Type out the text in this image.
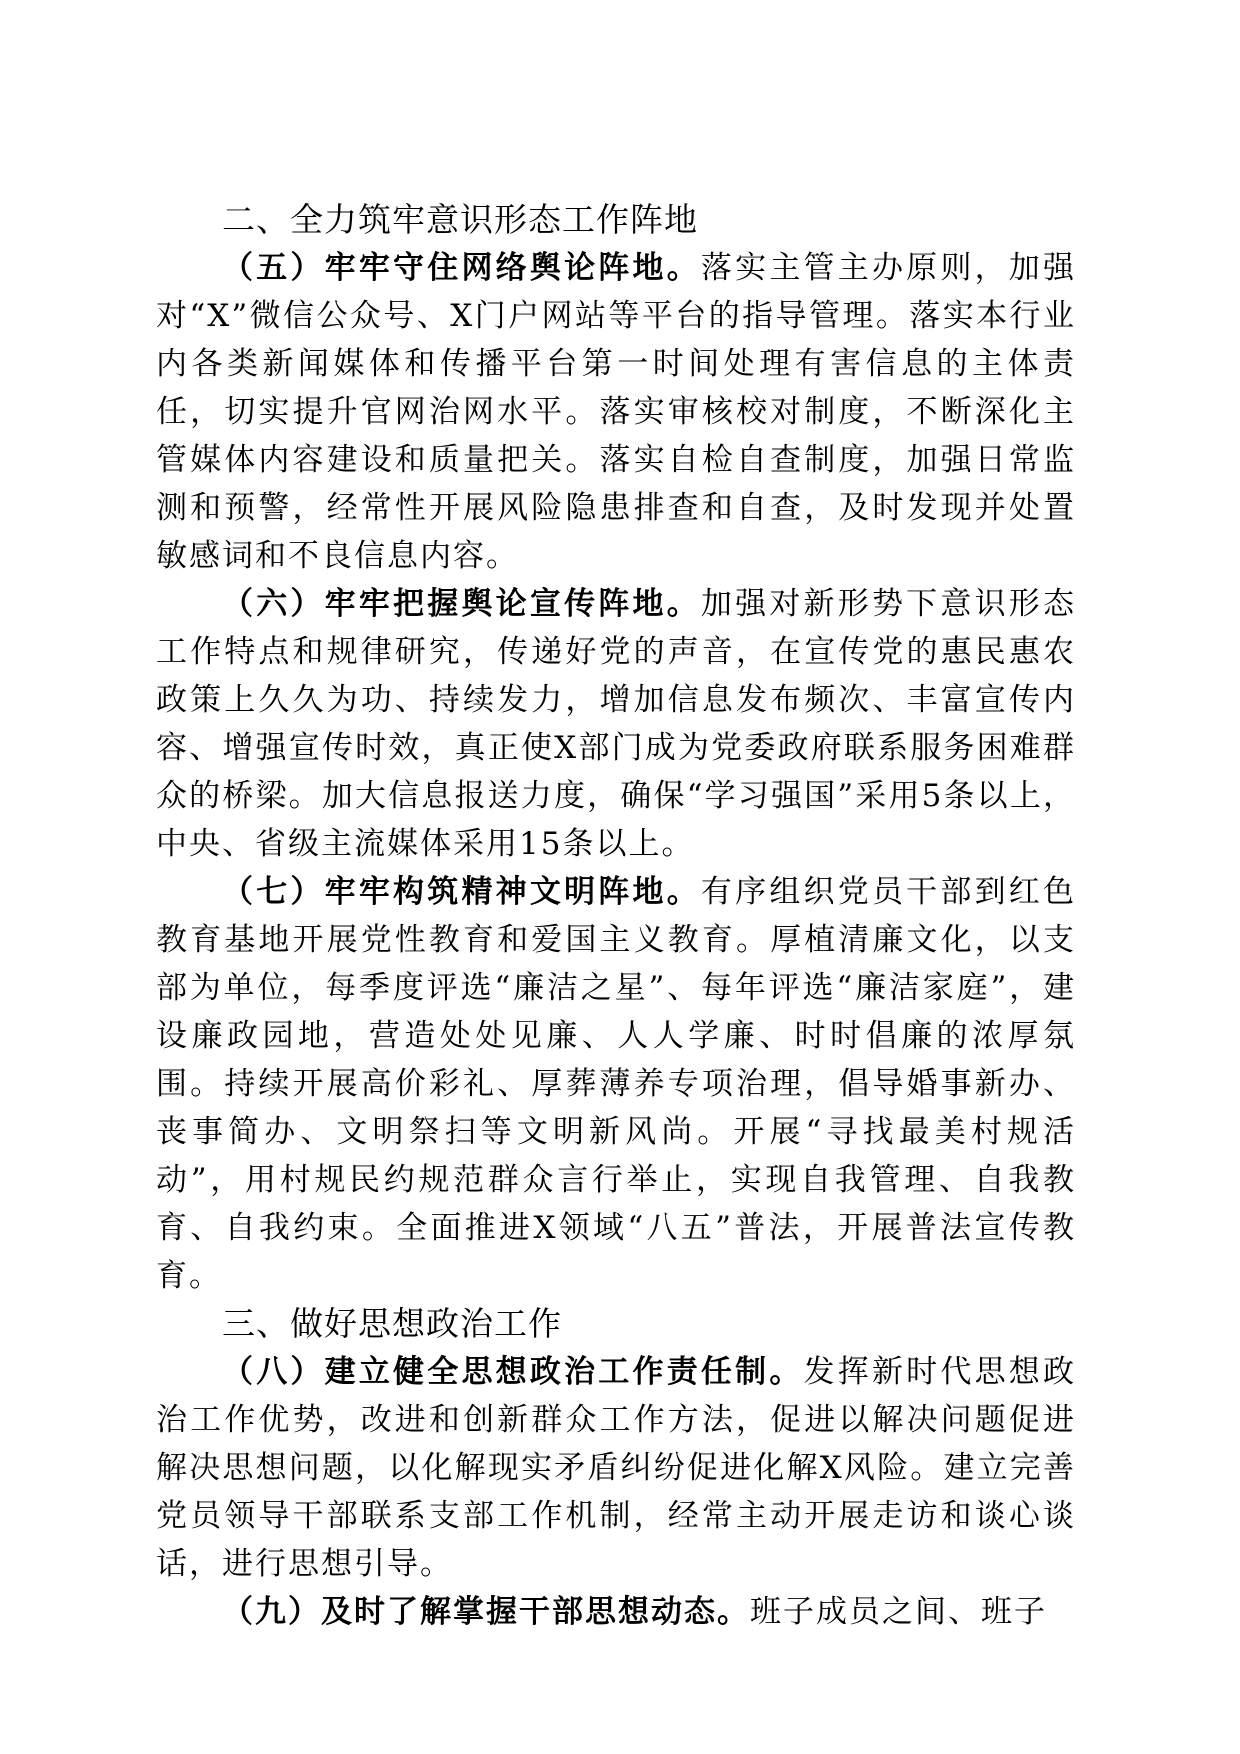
二、全力筑牢意识形态工作阵地

（五）牢牢守住网络舆论阵地。落实主管主办原则，加强对“X”微信公众号、X门户网站等平台的指导管理。落实本行业内各类新闻媒体和传播平台第一时间处理有害信息的主体责任，切实提升官网治网水平。落实审核校对制度，不断深化主管媒体内容建设和质量把关。落实自检自查制度，加强日常监测和预警，经常性开展风险隐患排查和自查，及时发现并处置敏感词和不良信息内容。

（六）牢牢把握舆论宣传阵地。加强对新形势下意识形态工作特点和规律研究，传递好党的声音，在宣传党的惠民惠农政策上久久为功、持续发力，增加信息发布频次、丰富宣传内容、增强宣传时效，真正使X部门成为党委政府联系服务困难群众的桥梁。加大信息报送力度，确保“学习强国”采用5条以上，中央、省级主流媒体采用15条以上。

（七）牢牢构筑精神文明阵地。有序组织党员干部到红色教育基地开展党性教育和爱国主义教育。厚植清廉文化，以支部为单位，每季度评选“廉洁之星”、每年评选“廉洁家庭”，建设廉政园地，营造处处见廉、人人学廉、时时倡廉的浓厚氛围。持续开展高价彩礼、厚葬薄养专项治理，倡导婚事新办、丧事简办、文明祭扫等文明新风尚。开展“寻找最美村规活动”，用村规民约规范群众言行举止，实现自我管理、自我教育、自我约束。全面推进X领域“八五”普法，开展普法宣传教育。

三、做好思想政治工作

（八）建立健全思想政治工作责任制。发挥新时代思想政治工作优势，改进和创新群众工作方法，促进以解决问题促进解决思想问题，以化解现实矛盾纠纷促进化解X风险。建立完善党员领导干部联系支部工作机制，经常主动开展走访和谈心谈话，进行思想引导。

（九）及时了解掌握干部思想动态。班子成员之间、班子
